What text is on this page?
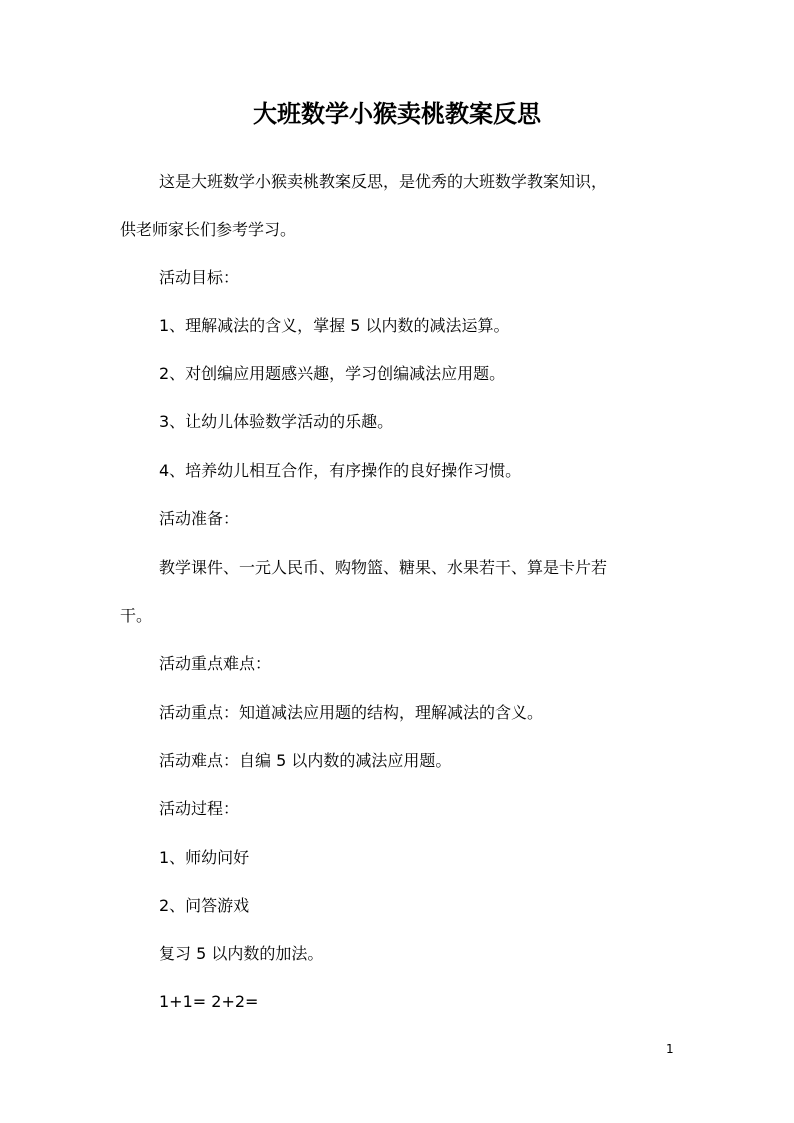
大班数学小猴卖桃教案反思

这是大班数学小猴卖桃教案反思，是优秀的大班数学教案知识，

供老师家长们参考学习。

活动目标：

1、理解减法的含义，掌握 5 以内数的减法运算。

2、对创编应用题感兴趣，学习创编减法应用题。

3、让幼儿体验数学活动的乐趣。

4、培养幼儿相互合作，有序操作的良好操作习惯。

活动准备：

教学课件、一元人民币、购物篮、糖果、水果若干、算是卡片若

干。

活动重点难点：

活动重点：知道减法应用题的结构，理解减法的含义。

活动难点：自编 5 以内数的减法应用题。

活动过程：

1、师幼问好

2、问答游戏

复习 5 以内数的加法。

1+1= 2+2=

1
